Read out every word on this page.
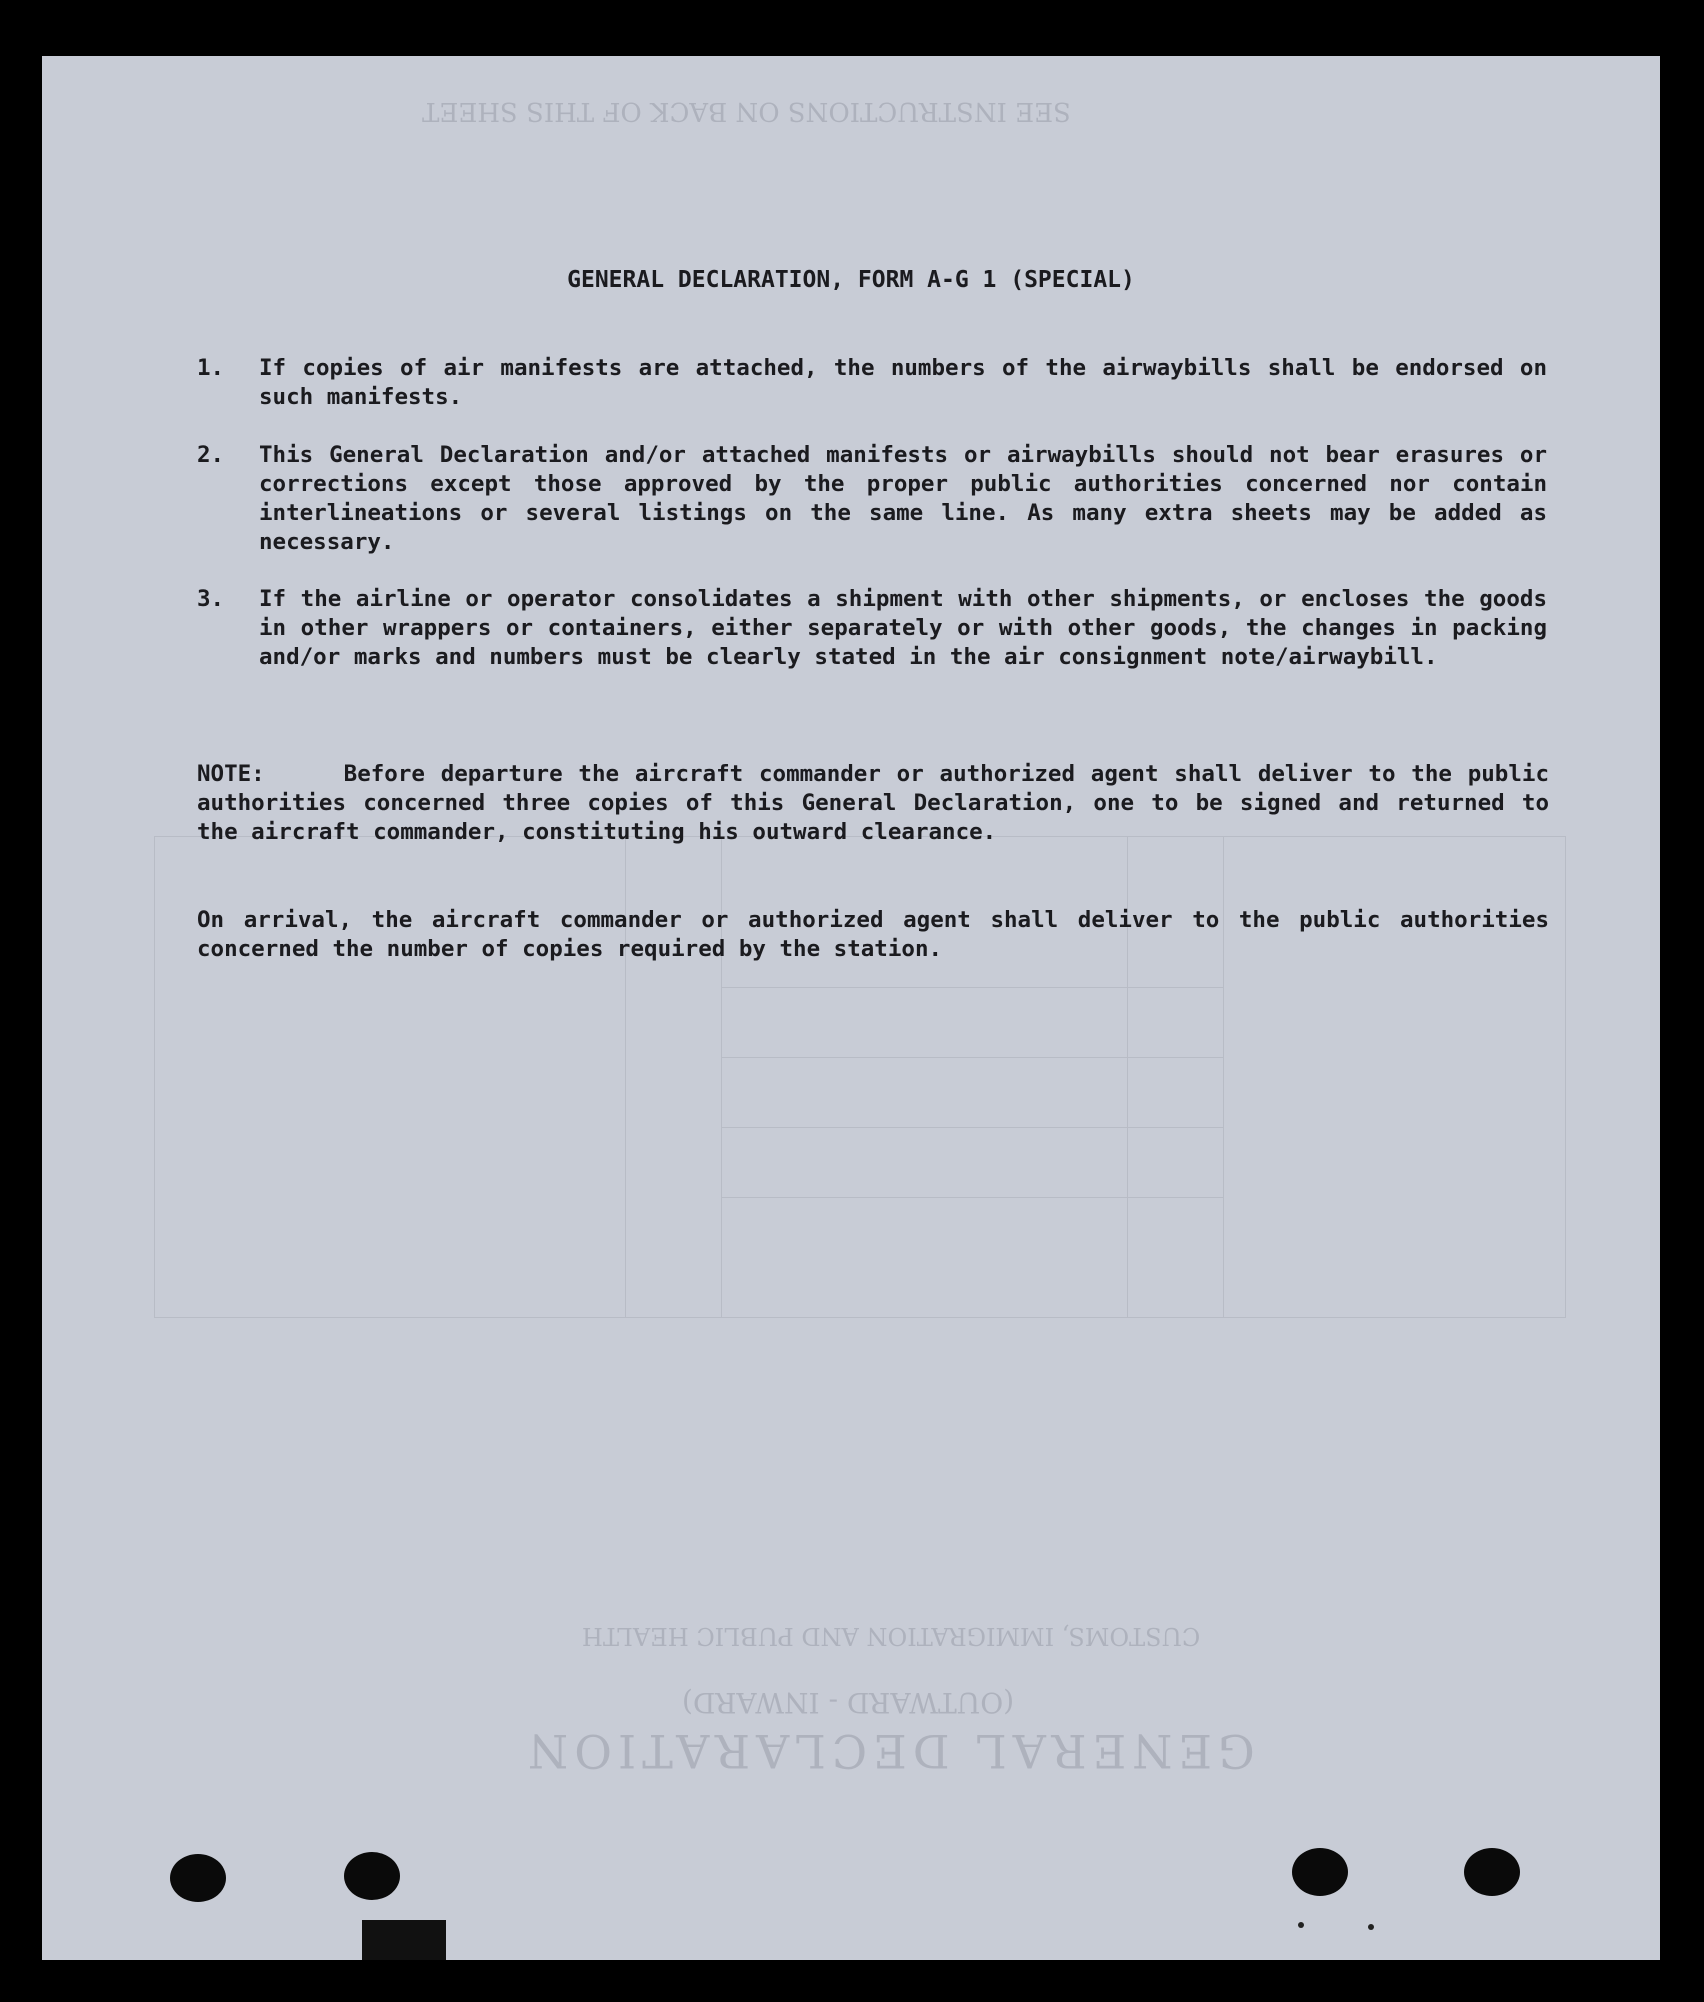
SEE INSTRUCTIONS ON BACK OF THIS SHEET
CUSTOMS, IMMIGRATION AND PUBLIC HEALTH
(OUTWARD - INWARD)
GENERAL DECLARATION
GENERAL DECLARATION, FORM A-G 1 (SPECIAL)
1.	If copies of air manifests are attached, the numbers of the airwaybills shall be endorsed on such manifests.
2.	This General Declaration and/or attached manifests or airwaybills should not bear erasures or corrections except those approved by the proper public authorities concerned nor contain interlineations or several listings on the same line. As many extra sheets may be added as necessary.
3.	If the airline or operator consolidates a shipment with other shipments, or encloses the goods in other wrappers or containers, either separately or with other goods, the changes in packing and/or marks and numbers must be clearly stated in the air consignment note/airwaybill.
NOTE:     Before departure the aircraft commander or authorized agent shall deliver to the public authorities concerned three copies of this General Declaration, one to be signed and returned to the aircraft commander, constituting his outward clearance.
On arrival, the aircraft commander or authorized agent shall deliver to the public authorities concerned the number of copies required by the station.
